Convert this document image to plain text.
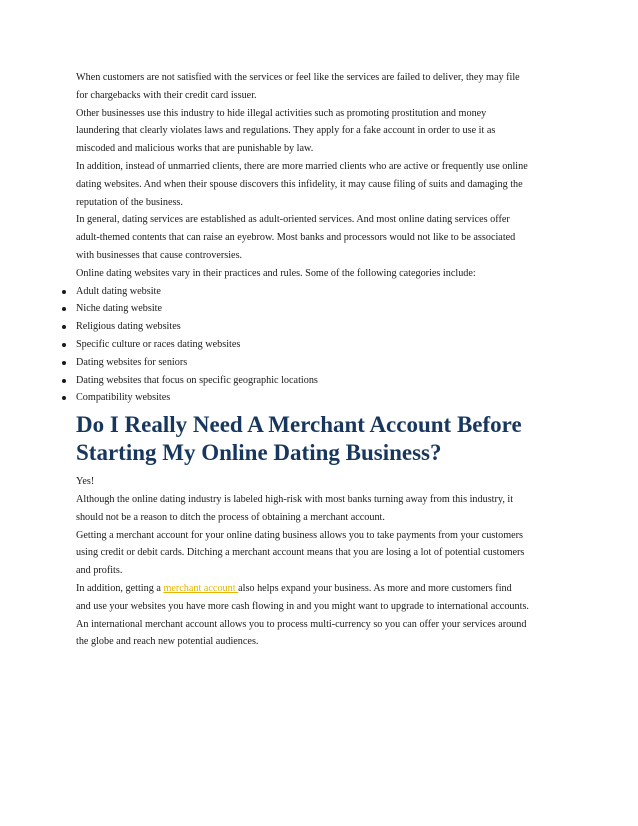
When customers are not satisfied with the services or feel like the services are failed to deliver, they may file
for chargebacks with their credit card issuer.

Other businesses use this industry to hide illegal activities such as promoting prostitution and money
laundering that clearly violates laws and regulations. They apply for a fake account in order to use it as
miscoded and malicious works that are punishable by law.

In addition, instead of unmarried clients, there are more married clients who are active or frequently use online
dating websites. And when their spouse discovers this infidelity, it may cause filing of suits and damaging the
reputation of the business.

In general, dating services are established as adult-oriented services. And most online dating services offer
adult-themed contents that can raise an eyebrow. Most banks and processors would not like to be associated
with businesses that cause controversies.

Online dating websites vary in their practices and rules. Some of the following categories include:

Adult dating website
Niche dating website
Religious dating websites
Specific culture or races dating websites
Dating websites for seniors
Dating websites that focus on specific geographic locations
Compatibility websites
Do I Really Need A Merchant Account Before
Starting My Online Dating Business?

Yes!

Although the online dating industry is labeled high-risk with most banks turning away from this industry, it
should not be a reason to ditch the process of obtaining a merchant account.

Getting a merchant account for your online dating business allows you to take payments from your customers
using credit or debit cards. Ditching a merchant account means that you are losing a lot of potential customers
and profits.

In addition, getting a merchant account also helps expand your business. As more and more customers find
and use your websites you have more cash flowing in and you might want to upgrade to international accounts.

An international merchant account allows you to process multi-currency so you can offer your services around
the globe and reach new potential audiences.
